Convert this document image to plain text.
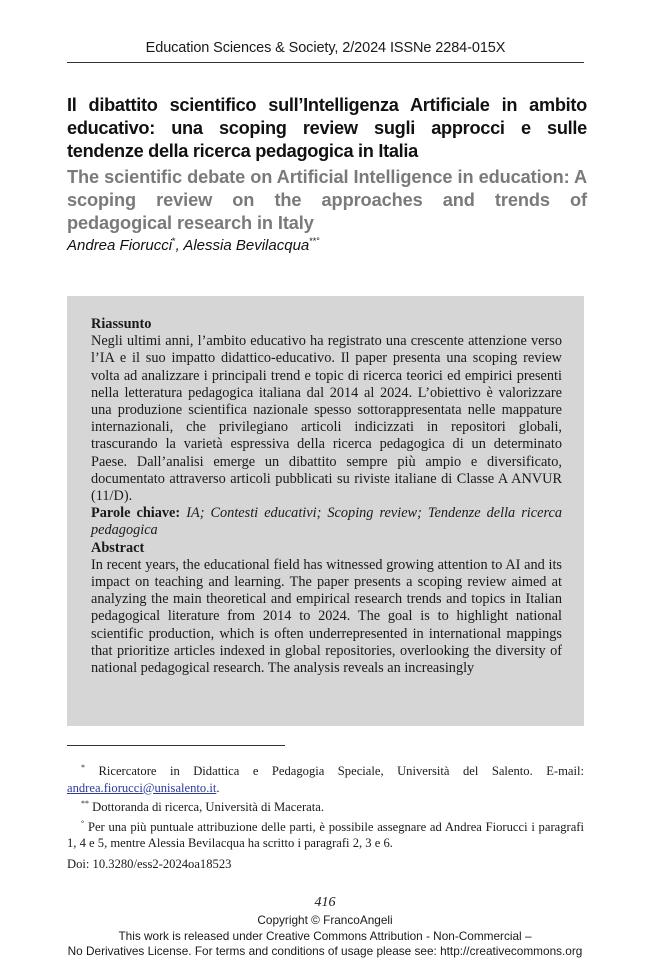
Education Sciences & Society, 2/2024 ISSNe 2284-015X
Il dibattito scientifico sull’Intelligenza Artificiale in ambito educativo: una scoping review sugli approcci e sulle tendenze della ricerca pedagogica in Italia
The scientific debate on Artificial Intelligence in education: A scoping review on the approaches and trends of pedagogical research in Italy
Andrea Fiorucci*, Alessia Bevilacqua**°

Riassunto

Negli ultimi anni, l’ambito educativo ha registrato una crescente attenzione verso l’IA e il suo impatto didattico-educativo. Il paper presenta una scoping review volta ad analizzare i principali trend e topic di ricerca teorici ed empirici presenti nella letteratura pedagogica italiana dal 2014 al 2024. L’obiettivo è valorizzare una produzione scientifica nazionale spesso sottorappresentata nelle mappature internazionali, che privilegiano articoli indicizzati in repositori globali, trascurando la varietà espressiva della ricerca pedagogica di un determinato Paese. Dall’analisi emerge un dibattito sempre più ampio e diversificato, documentato attraverso articoli pubblicati su riviste italiane di Classe A ANVUR (11/D).

Parole chiave: IA; Contesti educativi; Scoping review; Tendenze della ricerca pedagogica

Abstract

In recent years, the educational field has witnessed growing attention to AI and its impact on teaching and learning. The paper presents a scoping review aimed at analyzing the main theoretical and empirical research trends and topics in Italian pedagogical literature from 2014 to 2024. The goal is to highlight national scientific production, which is often underrepresented in international mappings that prioritize articles indexed in global repositories, overlooking the diversity of national pedagogical research. The analysis reveals an increasingly

* Ricercatore in Didattica e Pedagogia Speciale, Università del Salento. E-mail: andrea.fiorucci@unisalento.it.

** Dottoranda di ricerca, Università di Macerata.

° Per una più puntuale attribuzione delle parti, è possibile assegnare ad Andrea Fiorucci i paragrafi 1, 4 e 5, mentre Alessia Bevilacqua ha scritto i paragrafi 2, 3 e 6.

Doi: 10.3280/ess2-2024oa18523
416
Copyright © FrancoAngeli
This work is released under Creative Commons Attribution - Non-Commercial –
No Derivatives License. For terms and conditions of usage please see: http://creativecommons.org
